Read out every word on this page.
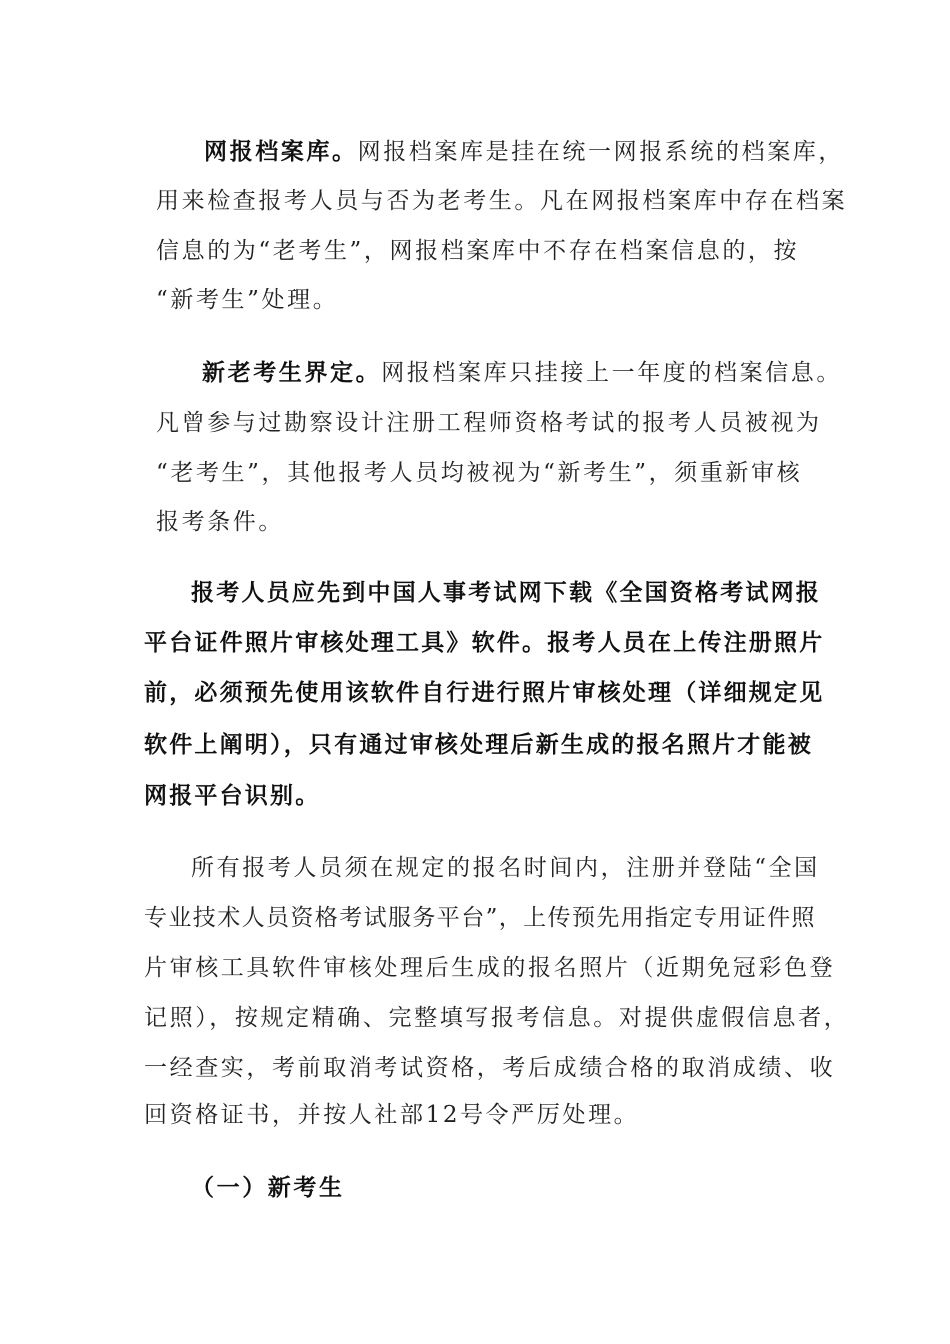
网报档案库。网报档案库是挂在统一网报系统的档案库，
用来检查报考人员与否为老考生。凡在网报档案库中存在档案
信息的为“老考生”，网报档案库中不存在档案信息的，按
“新考生”处理。
新老考生界定。网报档案库只挂接上一年度的档案信息。
凡曾参与过勘察设计注册工程师资格考试的报考人员被视为
“老考生”，其他报考人员均被视为“新考生”，须重新审核
报考条件。
报考人员应先到中国人事考试网下载《全国资格考试网报
平台证件照片审核处理工具》软件。报考人员在上传注册照片
前，必须预先使用该软件自行进行照片审核处理（详细规定见
软件上阐明），只有通过审核处理后新生成的报名照片才能被
网报平台识别。
所有报考人员须在规定的报名时间内，注册并登陆“全国
专业技术人员资格考试服务平台”，上传预先用指定专用证件照
片审核工具软件审核处理后生成的报名照片（近期免冠彩色登
记照），按规定精确、完整填写报考信息。对提供虚假信息者，
一经查实，考前取消考试资格，考后成绩合格的取消成绩、收
回资格证书，并按人社部12号令严厉处理。
（一）新考生
